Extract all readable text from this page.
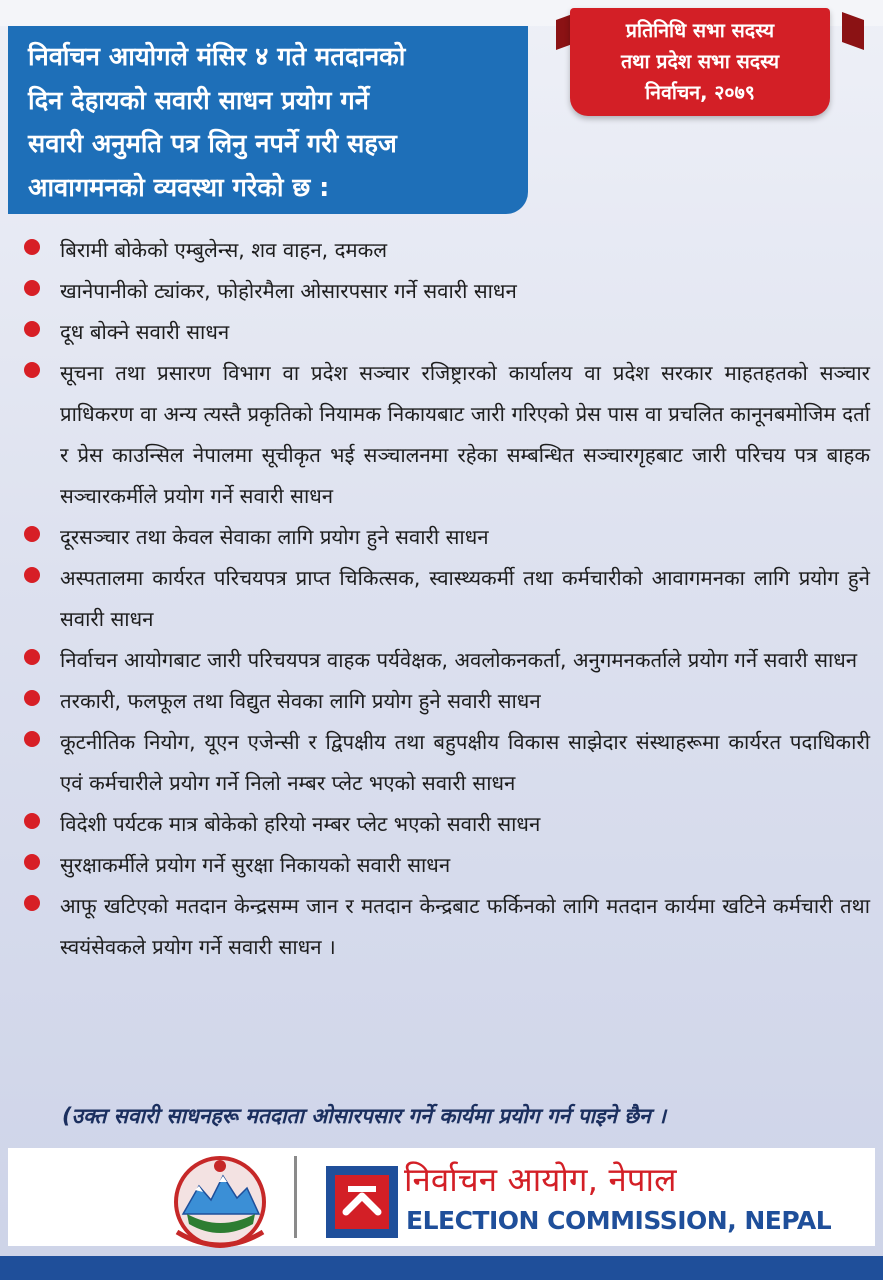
निर्वाचन आयोगले मंसिर ४ गते मतदानको
दिन देहायको सवारी साधन प्रयोग गर्ने
सवारी अनुमति पत्र लिनु नपर्ने गरी सहज
आवागमनको व्यवस्था गरेको छ :
प्रतिनिधि सभा सदस्य
तथा प्रदेश सभा सदस्य
निर्वाचन, २०७९
बिरामी बोकेको एम्बुलेन्स, शव वाहन, दमकल
खानेपानीको ट्यांकर, फोहोरमैला ओसारपसार गर्ने सवारी साधन
दूध बोक्ने सवारी साधन
सूचना तथा प्रसारण विभाग वा प्रदेश सञ्चार रजिष्ट्रारको कार्यालय वा प्रदेश सरकार माहतहतको सञ्चार प्राधिकरण वा अन्य त्यस्तै प्रकृतिको नियामक निकायबाट जारी गरिएको प्रेस पास वा प्रचलित कानूनबमोजिम दर्ता र प्रेस काउन्सिल नेपालमा सूचीकृत भई सञ्चालनमा रहेका सम्बन्धित सञ्चारगृहबाट जारी परिचय पत्र बाहक सञ्चारकर्मीले प्रयोग गर्ने सवारी साधन
दूरसञ्चार तथा केवल सेवाका लागि प्रयोग हुने सवारी साधन
अस्पतालमा कार्यरत परिचयपत्र प्राप्त चिकित्सक, स्वास्थ्यकर्मी तथा कर्मचारीको आवागमनका लागि प्रयोग हुने सवारी साधन
निर्वाचन आयोगबाट जारी परिचयपत्र वाहक पर्यवेक्षक, अवलोकनकर्ता, अनुगमनकर्ताले प्रयोग गर्ने सवारी साधन
तरकारी, फलफूल तथा विद्युत सेवका लागि प्रयोग हुने सवारी साधन
कूटनीतिक नियोग, यूएन एजेन्सी र द्विपक्षीय तथा बहुपक्षीय विकास साझेदार संस्थाहरूमा कार्यरत पदाधिकारी एवं कर्मचारीले प्रयोग गर्ने निलो नम्बर प्लेट भएको सवारी साधन
विदेशी पर्यटक मात्र बोकेको हरियो नम्बर प्लेट भएको सवारी साधन
सुरक्षाकर्मीले प्रयोग गर्ने सुरक्षा निकायको सवारी साधन
आफू खटिएको मतदान केन्द्रसम्म जान र मतदान केन्द्रबाट फर्किनको लागि मतदान कार्यमा खटिने कर्मचारी तथा स्वयंसेवकले प्रयोग गर्ने सवारी साधन ।
(उक्त सवारी साधनहरू मतदाता ओसारपसार गर्ने कार्यमा प्रयोग गर्न पाइने छैन ।
निर्वाचन आयोग, नेपाल
ELECTION COMMISSION, NEPAL
